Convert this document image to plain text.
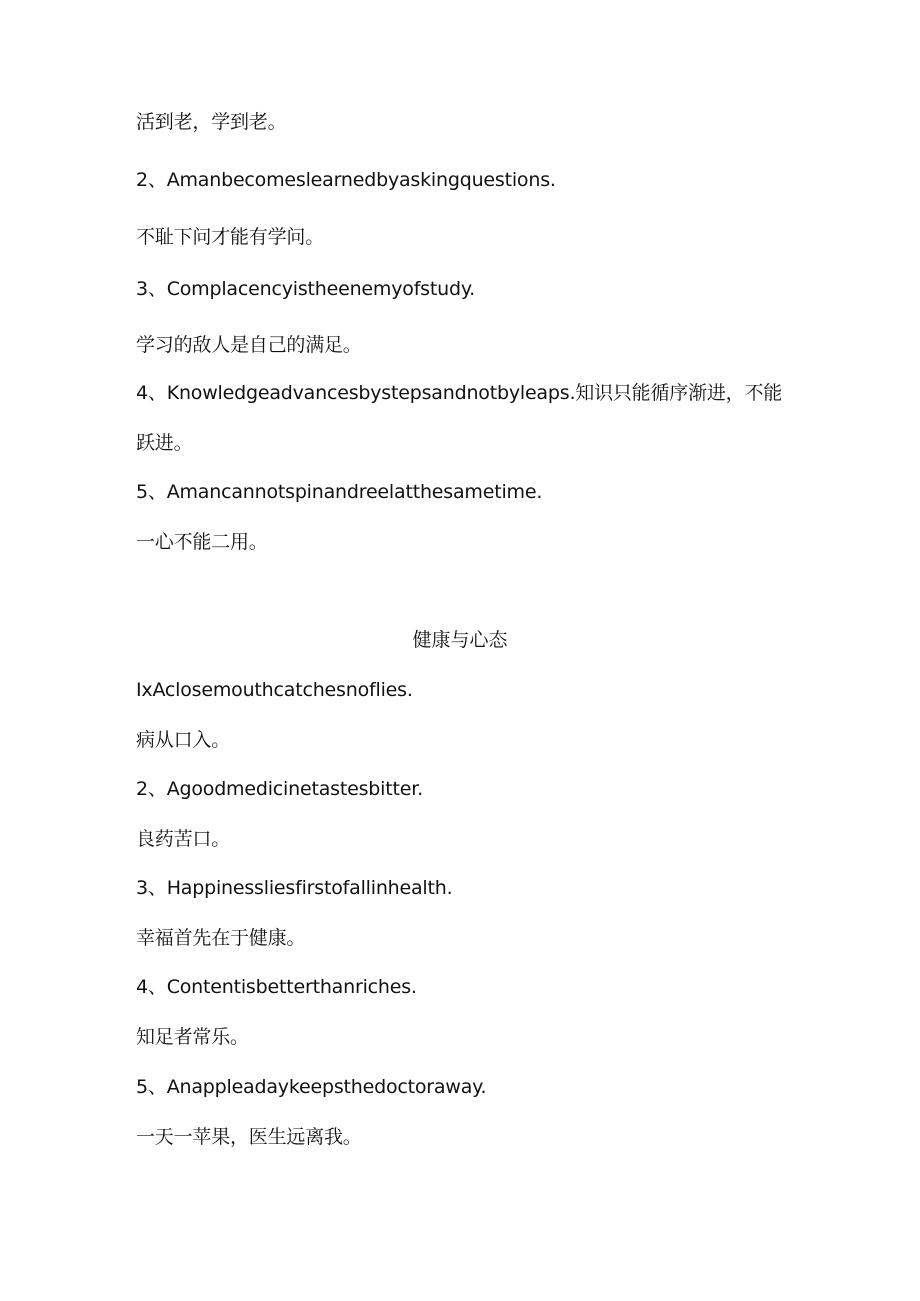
活到老，学到老。
2、Amanbecomeslearnedbyaskingquestions.
不耻下问才能有学问。
3、Complacencyistheenemyofstudy.
学习的敌人是自己的满足。
4、Knowledgeadvancesbystepsandnotbyleaps.知识只能循序渐进，不能
跃进。
5、Amancannotspinandreelatthesametime.
一心不能二用。
健康与心态
IxAclosemouthcatchesnoflies.
病从口入。
2、Agoodmedicinetastesbitter.
良药苦口。
3、Happinessliesfirstofallinhealth.
幸福首先在于健康。
4、Contentisbetterthanriches.
知足者常乐。
5、Anappleadaykeepsthedoctoraway.
一天一苹果，医生远离我。
